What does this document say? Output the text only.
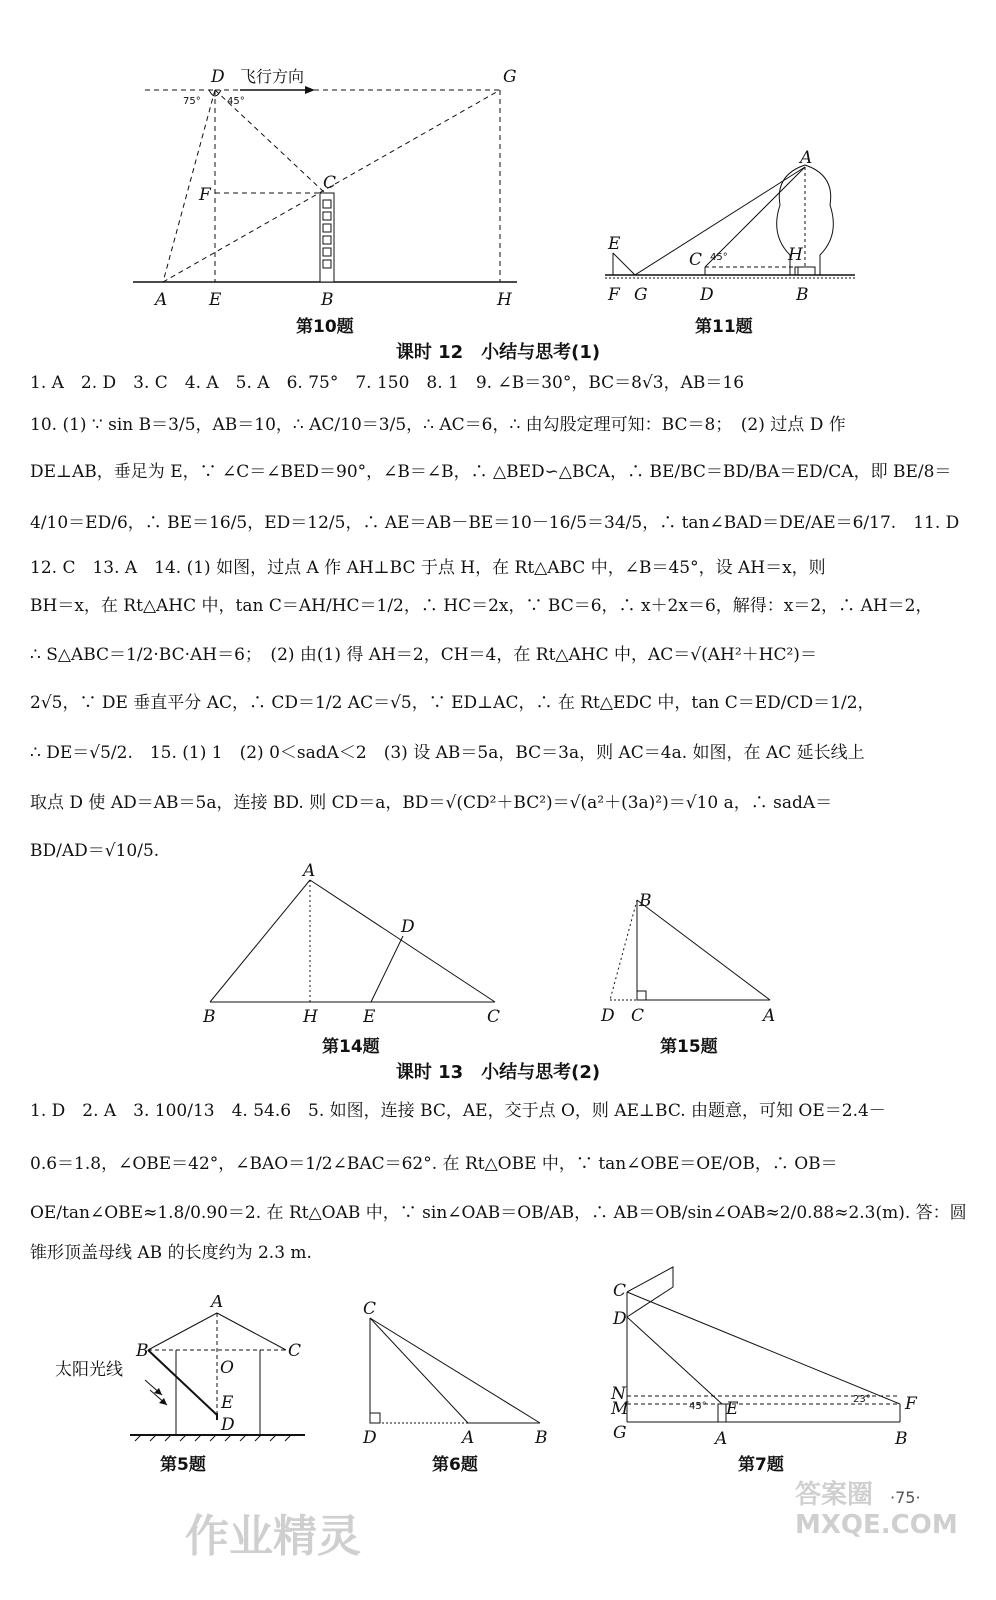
D	G
F
C
A E	B	H
75°	45°
飞行方向
第10题
A
E
C	H
F G	D	B
45°
第11题
课时 12　小结与思考(1)
1. A　2. D　3. C　4. A　5. A　6. 75°　7. 150　8. 1　9. ∠B＝30°，BC＝8√3，AB＝16
10. (1) ∵ sin B＝3/5，AB＝10，∴ AC/10＝3/5，∴ AC＝6，∴ 由勾股定理可知：BC＝8；　(2) 过点 D 作
DE⊥AB，垂足为 E，∵ ∠C＝∠BED＝90°，∠B＝∠B，∴ △BED∽△BCA，∴ BE/BC＝BD/BA＝ED/CA，即 BE/8＝
4/10＝ED/6，∴ BE＝16/5，ED＝12/5，∴ AE＝AB－BE＝10－16/5＝34/5，∴ tan∠BAD＝DE/AE＝6/17.　11. D
12. C　13. A　14. (1) 如图，过点 A 作 AH⊥BC 于点 H，在 Rt△ABC 中，∠B＝45°，设 AH＝x，则
BH＝x，在 Rt△AHC 中，tan C＝AH/HC＝1/2，∴ HC＝2x，∵ BC＝6，∴ x＋2x＝6，解得：x＝2，∴ AH＝2，
∴ S△ABC＝1/2·BC·AH＝6；　(2) 由(1) 得 AH＝2，CH＝4，在 Rt△AHC 中，AC＝√(AH²＋HC²)＝
2√5，∵ DE 垂直平分 AC，∴ CD＝1/2 AC＝√5，∵ ED⊥AC，∴ 在 Rt△EDC 中，tan C＝ED/CD＝1/2，
∴ DE＝√5/2.　15. (1) 1　(2) 0＜sadA＜2　(3) 设 AB＝5a，BC＝3a，则 AC＝4a. 如图，在 AC 延长线上
取点 D 使 AD＝AB＝5a，连接 BD. 则 CD＝a，BD＝√(CD²＋BC²)＝√(a²＋(3a)²)＝√10 a，∴ sadA＝
BD/AD＝√10/5.
A
D
B	H	E	C
第14题
B
D C	A
第15题
课时 13　小结与思考(2)
1. D　2. A　3. 100/13　4. 54.6　5. 如图，连接 BC，AE，交于点 O，则 AE⊥BC. 由题意，可知 OE＝2.4－
0.6＝1.8，∠OBE＝42°，∠BAO＝1/2∠BAC＝62°. 在 Rt△OBE 中，∵ tan∠OBE＝OE/OB，∴ OB＝
OE/tan∠OBE≈1.8/0.90＝2. 在 Rt△OAB 中，∵ sin∠OAB＝OB/AB，∴ AB＝OB/sin∠OAB≈2/0.88≈2.3(m). 答：圆
锥形顶盖母线 AB 的长度约为 2.3 m.
A
B	C
O
E
D
太阳光线
第5题
C
D	A	B
第6题
C
D
N
M
G
E	F
A	B
45°
23°
第7题
作业精灵
答案圈 MXQE.COM
·75·
